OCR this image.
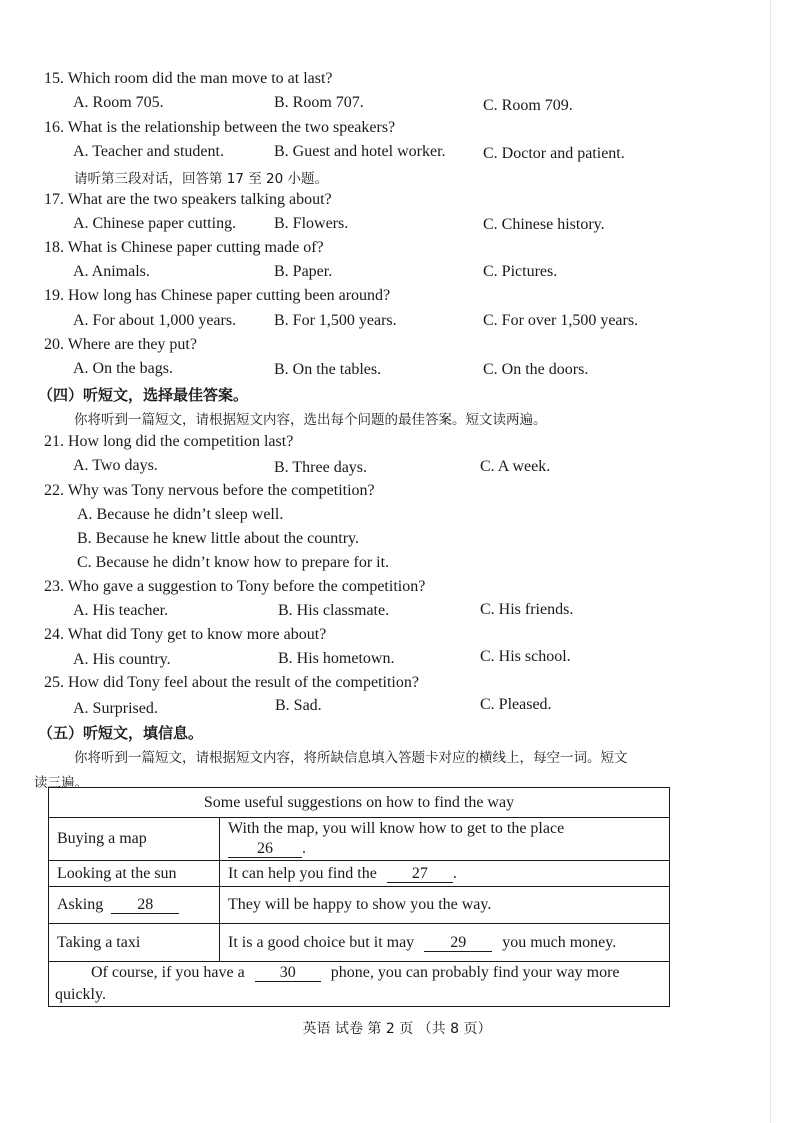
15. Which room did the man move to at last?
A. Room 705.	B. Room 707.	C. Room 709.
16. What is the relationship between the two speakers?
A. Teacher and student.	B. Guest and hotel worker. C. Doctor and patient.
请听第三段对话，回答第 17 至 20 小题。
17. What are the two speakers talking about?
A. Chinese paper cutting. B. Flowers.	C. Chinese history.
18. What is Chinese paper cutting made of?
A. Animals.	B. Paper.	C. Pictures.
19. How long has Chinese paper cutting been around?
A. For about 1,000 years. B. For 1,500 years.	C. For over 1,500 years.
20. Where are they put?
A. On the bags.	B. On the tables.	C. On the doors.
（四）听短文，选择最佳答案。
你将听到一篇短文，请根据短文内容，选出每个问题的最佳答案。短文读两遍。
21. How long did the competition last?
A. Two days.	B. Three days.	C. A week.
22. Why was Tony nervous before the competition?
A. Because he didn’t sleep well.
B. Because he knew little about the country.
C. Because he didn’t know how to prepare for it.
23. Who gave a suggestion to Tony before the competition?
A. His teacher.	B. His classmate.	C. His friends.
24. What did Tony get to know more about?
A. His country.	B. His hometown.	C. His school.
25. How did Tony feel about the result of the competition?
A. Surprised.	B. Sad.	C. Pleased.
（五）听短文，填信息。
你将听到一篇短文，请根据短文内容，将所缺信息填入答题卡对应的横线上，每空一词。短文
读三遍。
Some useful suggestions on how to find the way	
Buying a map	With the map, you will know how to get to the place
26 .

Looking at the sun	It can help you find the 27 .
Asking 28	They will be happy to show you the way.
Taking a taxi	It is a good choice but it may 29 you much money.

Of course, if you have a 30 phone, you can probably find your way more
quickly.	
英语 试卷 第 2 页 （共 8 页）
